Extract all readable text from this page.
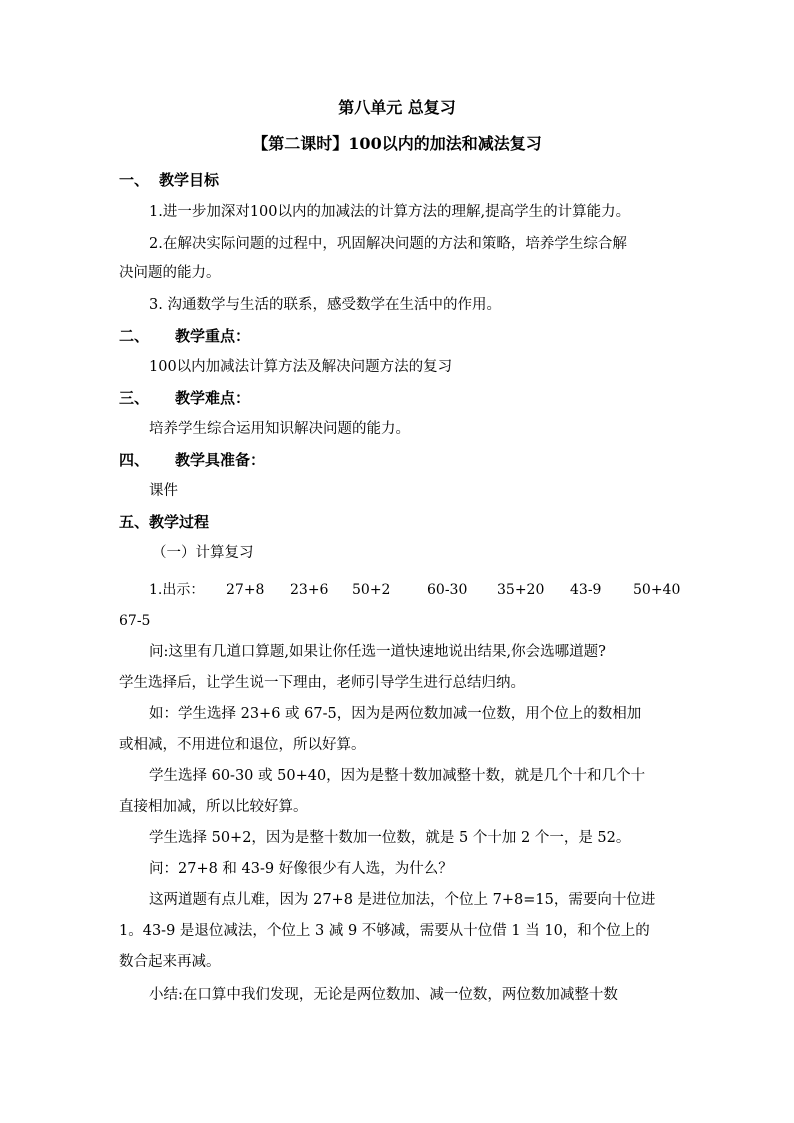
第八单元 总复习
【第二课时】100以内的加法和减法复习
一、 教学目标
1.进一步加深对100以内的加减法的计算方法的理解,提高学生的计算能力。
2.在解决实际问题的过程中，巩固解决问题的方法和策略，培养学生综合解
决问题的能力。
3. 沟通数学与生活的联系，感受数学在生活中的作用。
二、 教学重点：
100以内加减法计算方法及解决问题方法的复习
三、 教学难点：
培养学生综合运用知识解决问题的能力。
四、 教学具准备：
课件
五、教学过程
（一）计算复习
1.出示： 27+8 23+6 50+2	60-30 35+20 43-9 50+40
67-5
问:这里有几道口算题,如果让你任选一道快速地说出结果,你会选哪道题?
学生选择后，让学生说一下理由，老师引导学生进行总结归纳。
如：学生选择 23+6 或 67-5，因为是两位数加减一位数，用个位上的数相加
或相减，不用进位和退位，所以好算。
学生选择 60-30 或 50+40，因为是整十数加减整十数，就是几个十和几个十
直接相加减，所以比较好算。
学生选择 50+2，因为是整十数加一位数，就是 5 个十加 2 个一，是 52。
问：27+8 和 43-9 好像很少有人选，为什么？
这两道题有点儿难，因为 27+8 是进位加法，个位上 7+8=15，需要向十位进
1。43-9 是退位减法，个位上 3 减 9 不够减，需要从十位借 1 当 10，和个位上的
数合起来再减。
小结:在口算中我们发现，无论是两位数加、减一位数，两位数加减整十数
